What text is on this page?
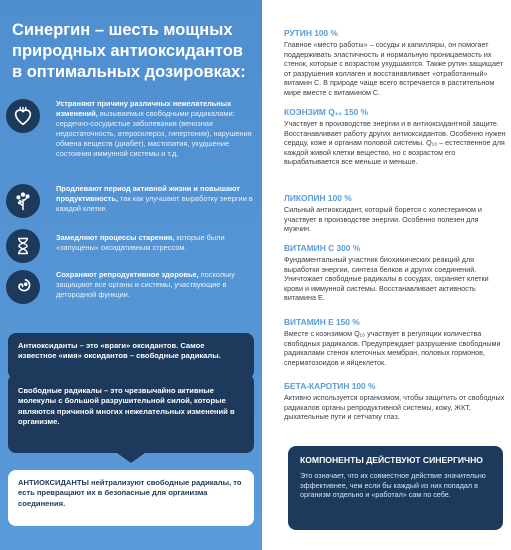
Синергин – шесть мощных природных антиоксидантов в оптимальных дозировках:
Устраняют причину различных нежелательных изменений, вызываемых свободными радикалами: сердечно-сосудистые заболевания (венозная недостаточность, атеросклероз, гипертония), нарушения обмена веществ (диабет), мастопатия, ухудшение состояния иммунной системы и т.д.
Продлевают период активной жизни и повышают продуктивность, так как улучшают выработку энергии в каждой клетке.
Замедляют процессы старения, которые были «запущены» оксидативным стрессом.
Сохраняют репродуктивное здоровье, поскольку защищают все органы и системы, участвующие в детородной функции.
Антиоксиданты – это «враги» оксидантов. Самое известное «имя» оксидантов – свободные радикалы.
Свободные радикалы – это чрезвычайно активные молекулы с большой разрушительной силой, которые являются причиной многих нежелательных изменений в организме.
АНТИОКСИДАНТЫ нейтрализуют свободные радикалы, то есть превращают их в безопасные для организма соединения.
РУТИН 100 %
Главное «место работы» – сосуды и капилляры, он помогает поддерживать эластичность и нормальную проницаемость их стенок, которые с возрастом ухудшаются. Также рутин защищает от разрушения коллаген и восстанавливает «отработанный» витамин С. В природе чаще всего встречается в растительном мире вместе с витамином С.
КОЭНЗИМ Q₁₀ 150 %
Участвует в производстве энергии и в антиоксидантной защите. Восстанавливает работу других антиоксидантов. Особенно нужен сердцу, коже и органам половой системы. Q₁₀ – естественное для каждой живой клетки вещество, но с возрастом его вырабатывается все меньше и меньше.
ЛИКОПИН 100 %
Сильный антиоксидант, который борется с холестерином и участвует в производстве энергии. Особенно полезен для мужчин.
ВИТАМИН С 300 %
Фундаментальный участник биохимических реакций для выработки энергии, синтеза белков и других соединений. Уничтожает свободные радикалы в сосудах, охраняет клетки крови и иммунной системы. Восстанавливает активность витамина Е.
ВИТАМИН Е 150 %
Вместе с коэнзимом Q₁₀ участвует в регуляции количества свободных радикалов. Предупреждает разрушение свободными радикалами стенок клеточных мембран, половых гормонов, сперматозоидов и яйцеклеток.
БЕТА-КАРОТИН 100 %
Активно используется организмом, чтобы защитить от свободных радикалов органы репродуктивной системы, кожу, ЖКТ, дыхательные пути и сетчатку глаз.
КОМПОНЕНТЫ ДЕЙСТВУЮТ СИНЕРГИЧНО
Это означает, что их совместное действие значительно эффективнее, чем если бы каждый из них попадал в организм отдельно и «работал» сам по себе.
